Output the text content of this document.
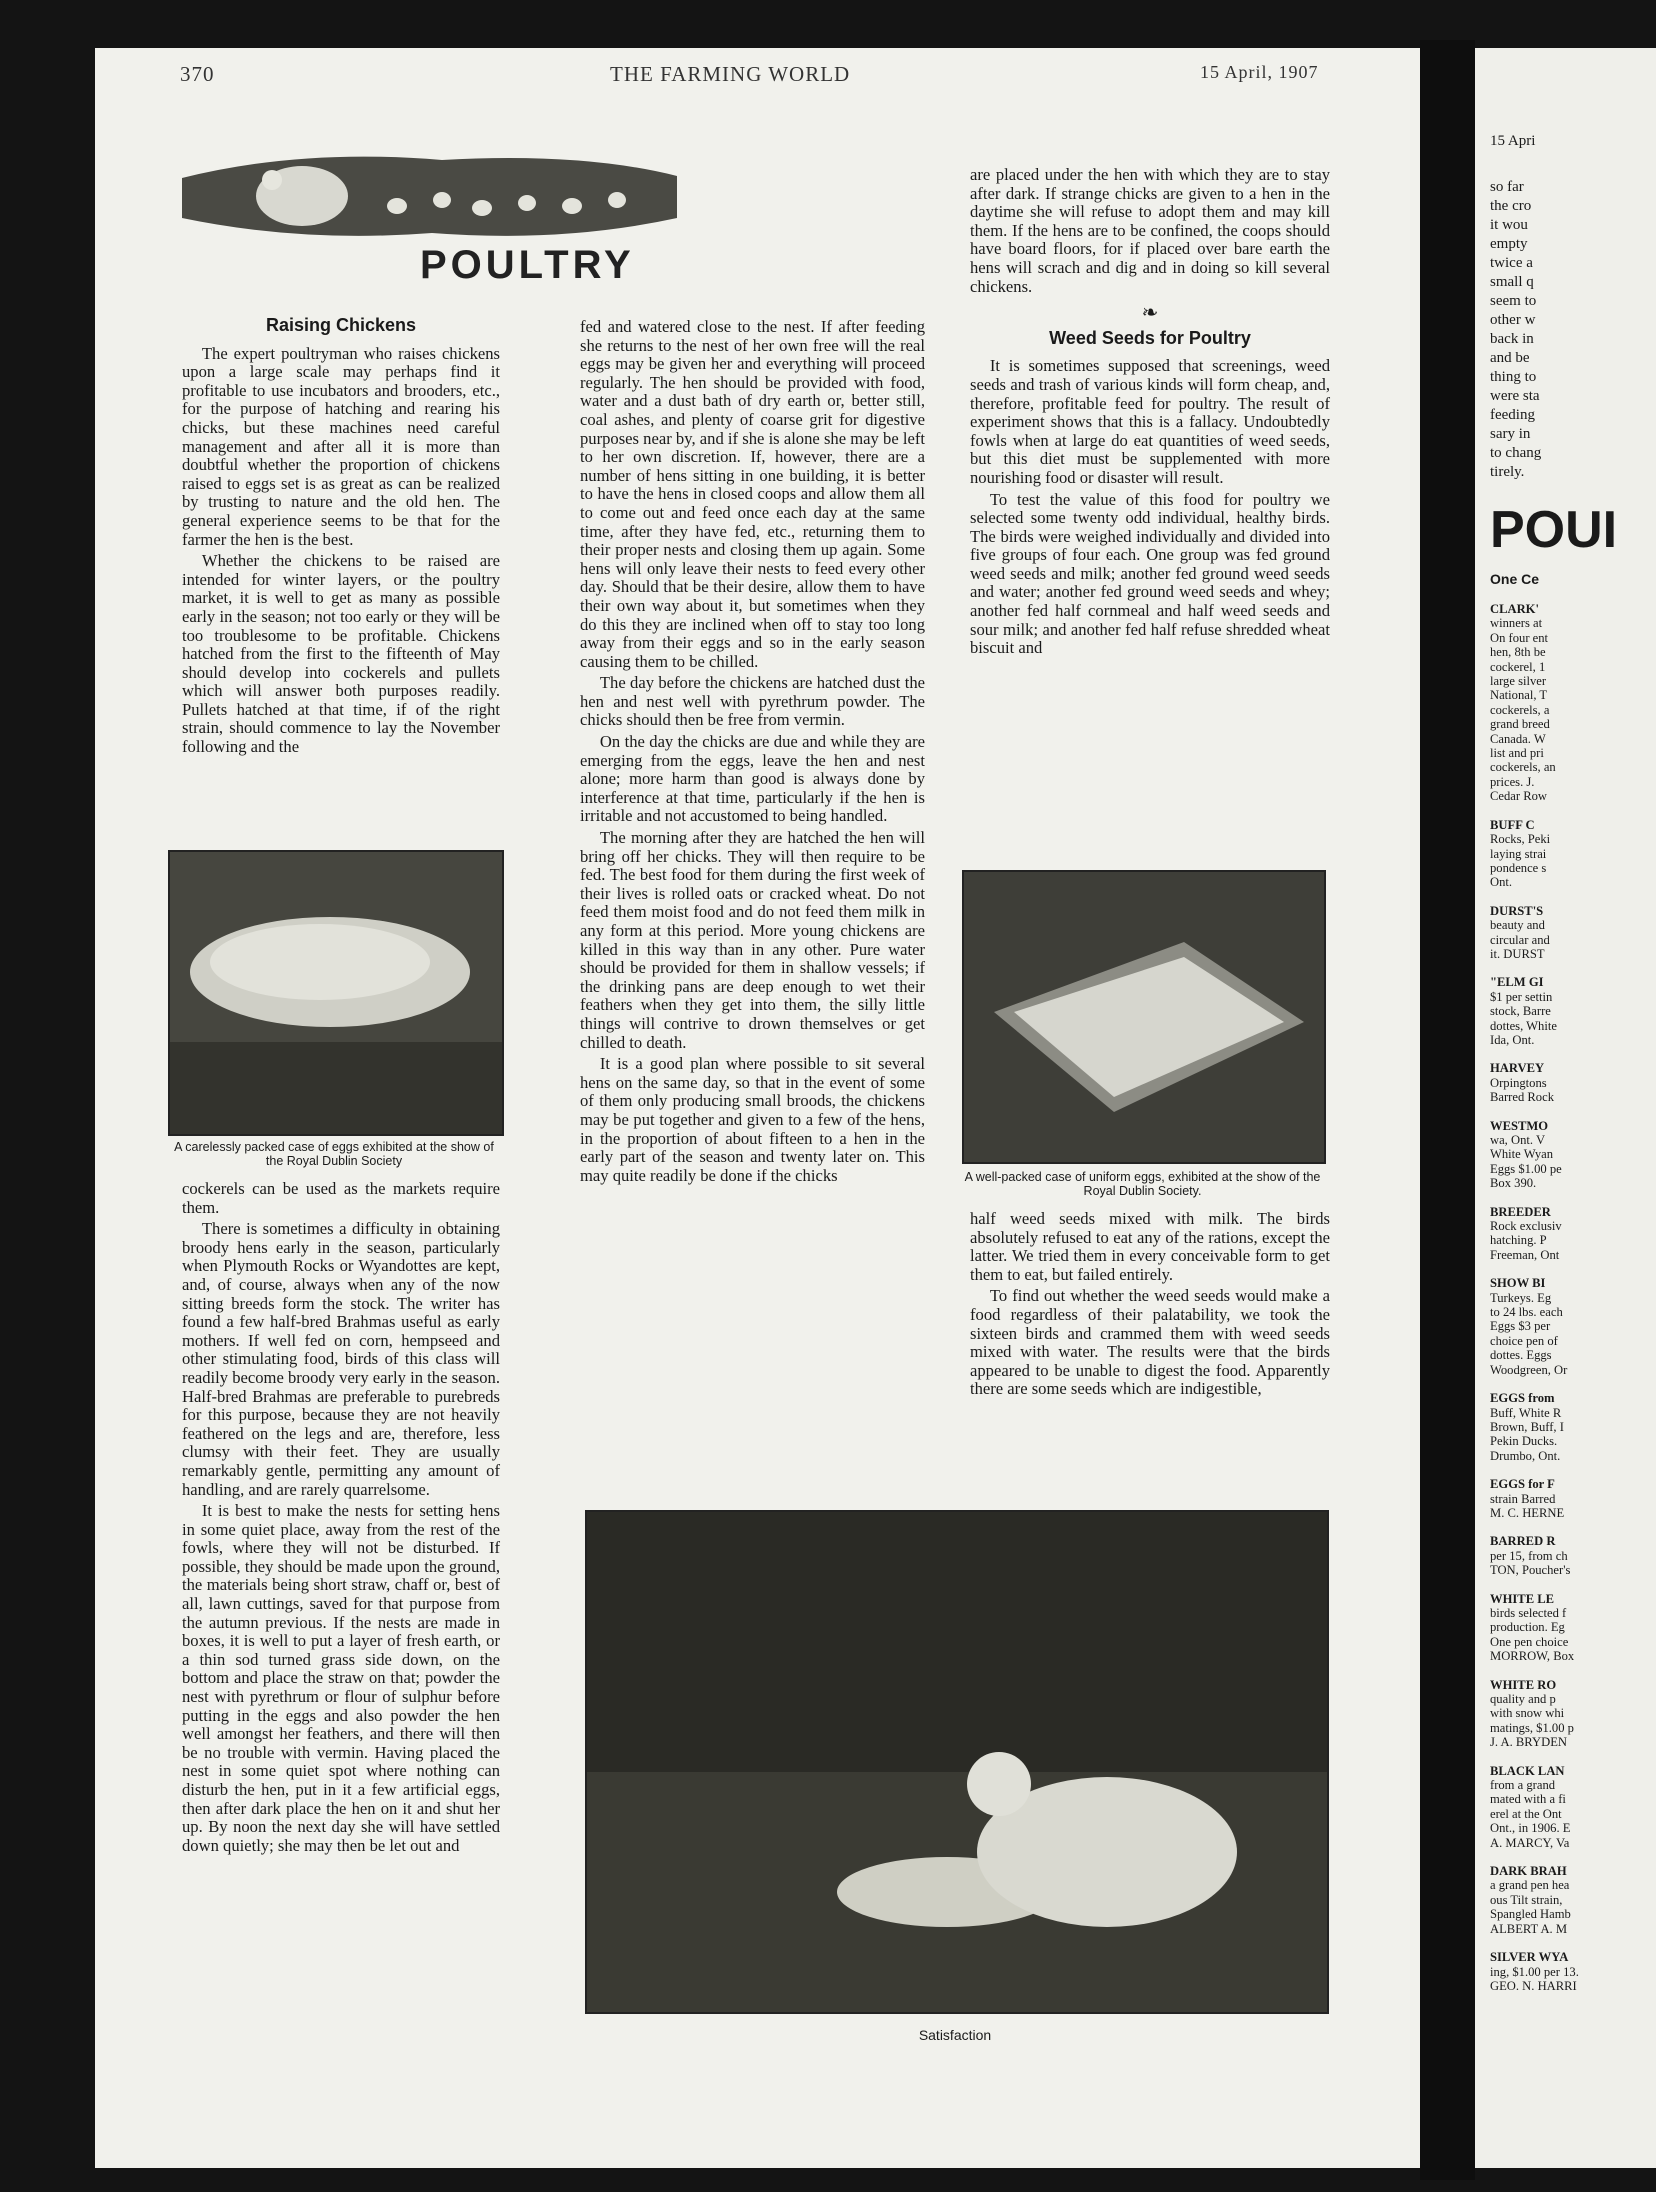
370	THE FARMING WORLD	15 April, 1907
POULTRY
Raising Chickens

The expert poultryman who raises chickens upon a large scale may perhaps find it profitable to use incubators and brooders, etc., for the purpose of hatching and rearing his chicks, but these machines need careful management and after all it is more than doubtful whether the proportion of chickens raised to eggs set is as great as can be realized by trusting to nature and the old hen. The general experience seems to be that for the farmer the hen is the best.

Whether the chickens to be raised are intended for winter layers, or the poultry market, it is well to get as many as possible early in the season; not too early or they will be too troublesome to be profitable. Chickens hatched from the first to the fifteenth of May should develop into cockerels and pullets which will answer both purposes readily. Pullets hatched at that time, if of the right strain, should commence to lay the November following and the

A carelessly packed case of eggs exhibited at the show of the Royal Dublin Society

cockerels can be used as the markets require them.

There is sometimes a difficulty in obtaining broody hens early in the season, particularly when Plymouth Rocks or Wyandottes are kept, and, of course, always when any of the now sitting breeds form the stock. The writer has found a few half-bred Brahmas useful as early mothers. If well fed on corn, hempseed and other stimulating food, birds of this class will readily become broody very early in the season. Half-bred Brahmas are preferable to purebreds for this purpose, because they are not heavily feathered on the legs and are, therefore, less clumsy with their feet. They are usually remarkably gentle, permitting any amount of handling, and are rarely quarrelsome.

It is best to make the nests for setting hens in some quiet place, away from the rest of the fowls, where they will not be disturbed. If possible, they should be made upon the ground, the materials being short straw, chaff or, best of all, lawn cuttings, saved for that purpose from the autumn previous. If the nests are made in boxes, it is well to put a layer of fresh earth, or a thin sod turned grass side down, on the bottom and place the straw on that; powder the nest with pyrethrum or flour of sulphur before putting in the eggs and also powder the hen well amongst her feathers, and there will then be no trouble with vermin. Having placed the nest in some quiet spot where nothing can disturb the hen, put in it a few artificial eggs, then after dark place the hen on it and shut her up. By noon the next day she will have settled down quietly; she may then be let out and

fed and watered close to the nest. If after feeding she returns to the nest of her own free will the real eggs may be given her and everything will proceed regularly. The hen should be provided with food, water and a dust bath of dry earth or, better still, coal ashes, and plenty of coarse grit for digestive purposes near by, and if she is alone she may be left to her own discretion. If, however, there are a number of hens sitting in one building, it is better to have the hens in closed coops and allow them all to come out and feed once each day at the same time, after they have fed, etc., returning them to their proper nests and closing them up again. Some hens will only leave their nests to feed every other day. Should that be their desire, allow them to have their own way about it, but sometimes when they do this they are inclined when off to stay too long away from their eggs and so in the early season causing them to be chilled.

The day before the chickens are hatched dust the hen and nest well with pyrethrum powder. The chicks should then be free from vermin.

On the day the chicks are due and while they are emerging from the eggs, leave the hen and nest alone; more harm than good is always done by interference at that time, particularly if the hen is irritable and not accustomed to being handled.

The morning after they are hatched the hen will bring off her chicks. They will then require to be fed. The best food for them during the first week of their lives is rolled oats or cracked wheat. Do not feed them moist food and do not feed them milk in any form at this period. More young chickens are killed in this way than in any other. Pure water should be provided for them in shallow vessels; if the drinking pans are deep enough to wet their feathers when they get into them, the silly little things will contrive to drown themselves or get chilled to death.

It is a good plan where possible to sit several hens on the same day, so that in the event of some of them only producing small broods, the chickens may be put together and given to a few of the hens, in the proportion of about fifteen to a hen in the early part of the season and twenty later on. This may quite readily be done if the chicks

are placed under the hen with which they are to stay after dark. If strange chicks are given to a hen in the daytime she will refuse to adopt them and may kill them. If the hens are to be confined, the coops should have board floors, for if placed over bare earth the hens will scrach and dig and in doing so kill several chickens.

❧
Weed Seeds for Poultry

It is sometimes supposed that screenings, weed seeds and trash of various kinds will form cheap, and, therefore, profitable feed for poultry. The result of experiment shows that this is a fallacy. Undoubtedly fowls when at large do eat quantities of weed seeds, but this diet must be supplemented with more nourishing food or disaster will result.

To test the value of this food for poultry we selected some twenty odd individual, healthy birds. The birds were weighed individually and divided into five groups of four each. One group was fed ground weed seeds and milk; another fed ground weed seeds and water; another fed ground weed seeds and whey; another fed half cornmeal and half weed seeds and sour milk; and another fed half refuse shredded wheat biscuit and

A well-packed case of uniform eggs, exhibited at the show of the Royal Dublin Society.

half weed seeds mixed with milk. The birds absolutely refused to eat any of the rations, except the latter. We tried them in every conceivable form to get them to eat, but failed entirely.

To find out whether the weed seeds would make a food regardless of their palatability, we took the sixteen birds and crammed them with weed seeds mixed with water. The results were that the birds appeared to be unable to digest the food. Apparently there are some seeds which are indigestible,

Satisfaction
15 Apri
so far
the cro
it wou
empty
twice a
small q
seem to
other w
back in
and be
thing to
were sta
feeding
sary in
to chang
tirely.
POUI
One Ce
CLARK'
winners at
On four ent
hen, 8th be
cockerel, 1
large silver
National, T
cockerels, a
grand breed
Canada. W
list and pri
cockerels, an
prices. J.
Cedar Row
BUFF C
Rocks, Peki
laying strai
pondence s
Ont.
DURST'S
beauty and
circular and
it. DURST
"ELM GI
$1 per settin
stock, Barre
dottes, White
Ida, Ont.
HARVEY
Orpingtons
Barred Rock
WESTMO
wa, Ont. V
White Wyan
Eggs $1.00 pe
Box 390.
BREEDER
Rock exclusiv
hatching. P
Freeman, Ont
SHOW BI
Turkeys. Eg
to 24 lbs. each
Eggs $3 per
choice pen of
dottes. Eggs
Woodgreen, Or
EGGS from
Buff, White R
Brown, Buff, I
Pekin Ducks.
Drumbo, Ont.
EGGS for F
strain Barred
M. C. HERNE
BARRED R
per 15, from ch
TON, Poucher's
WHITE LE
birds selected f
production. Eg
One pen choice
MORROW, Box
WHITE RO
quality and p
with snow whi
matings, $1.00 p
J. A. BRYDEN
BLACK LAN
from a grand
mated with a fi
erel at the Ont
Ont., in 1906. E
A. MARCY, Va
DARK BRAH
a grand pen hea
ous Tilt strain,
Spangled Hamb
ALBERT A. M
SILVER WYA
ing, $1.00 per 13.
GEO. N. HARRI
